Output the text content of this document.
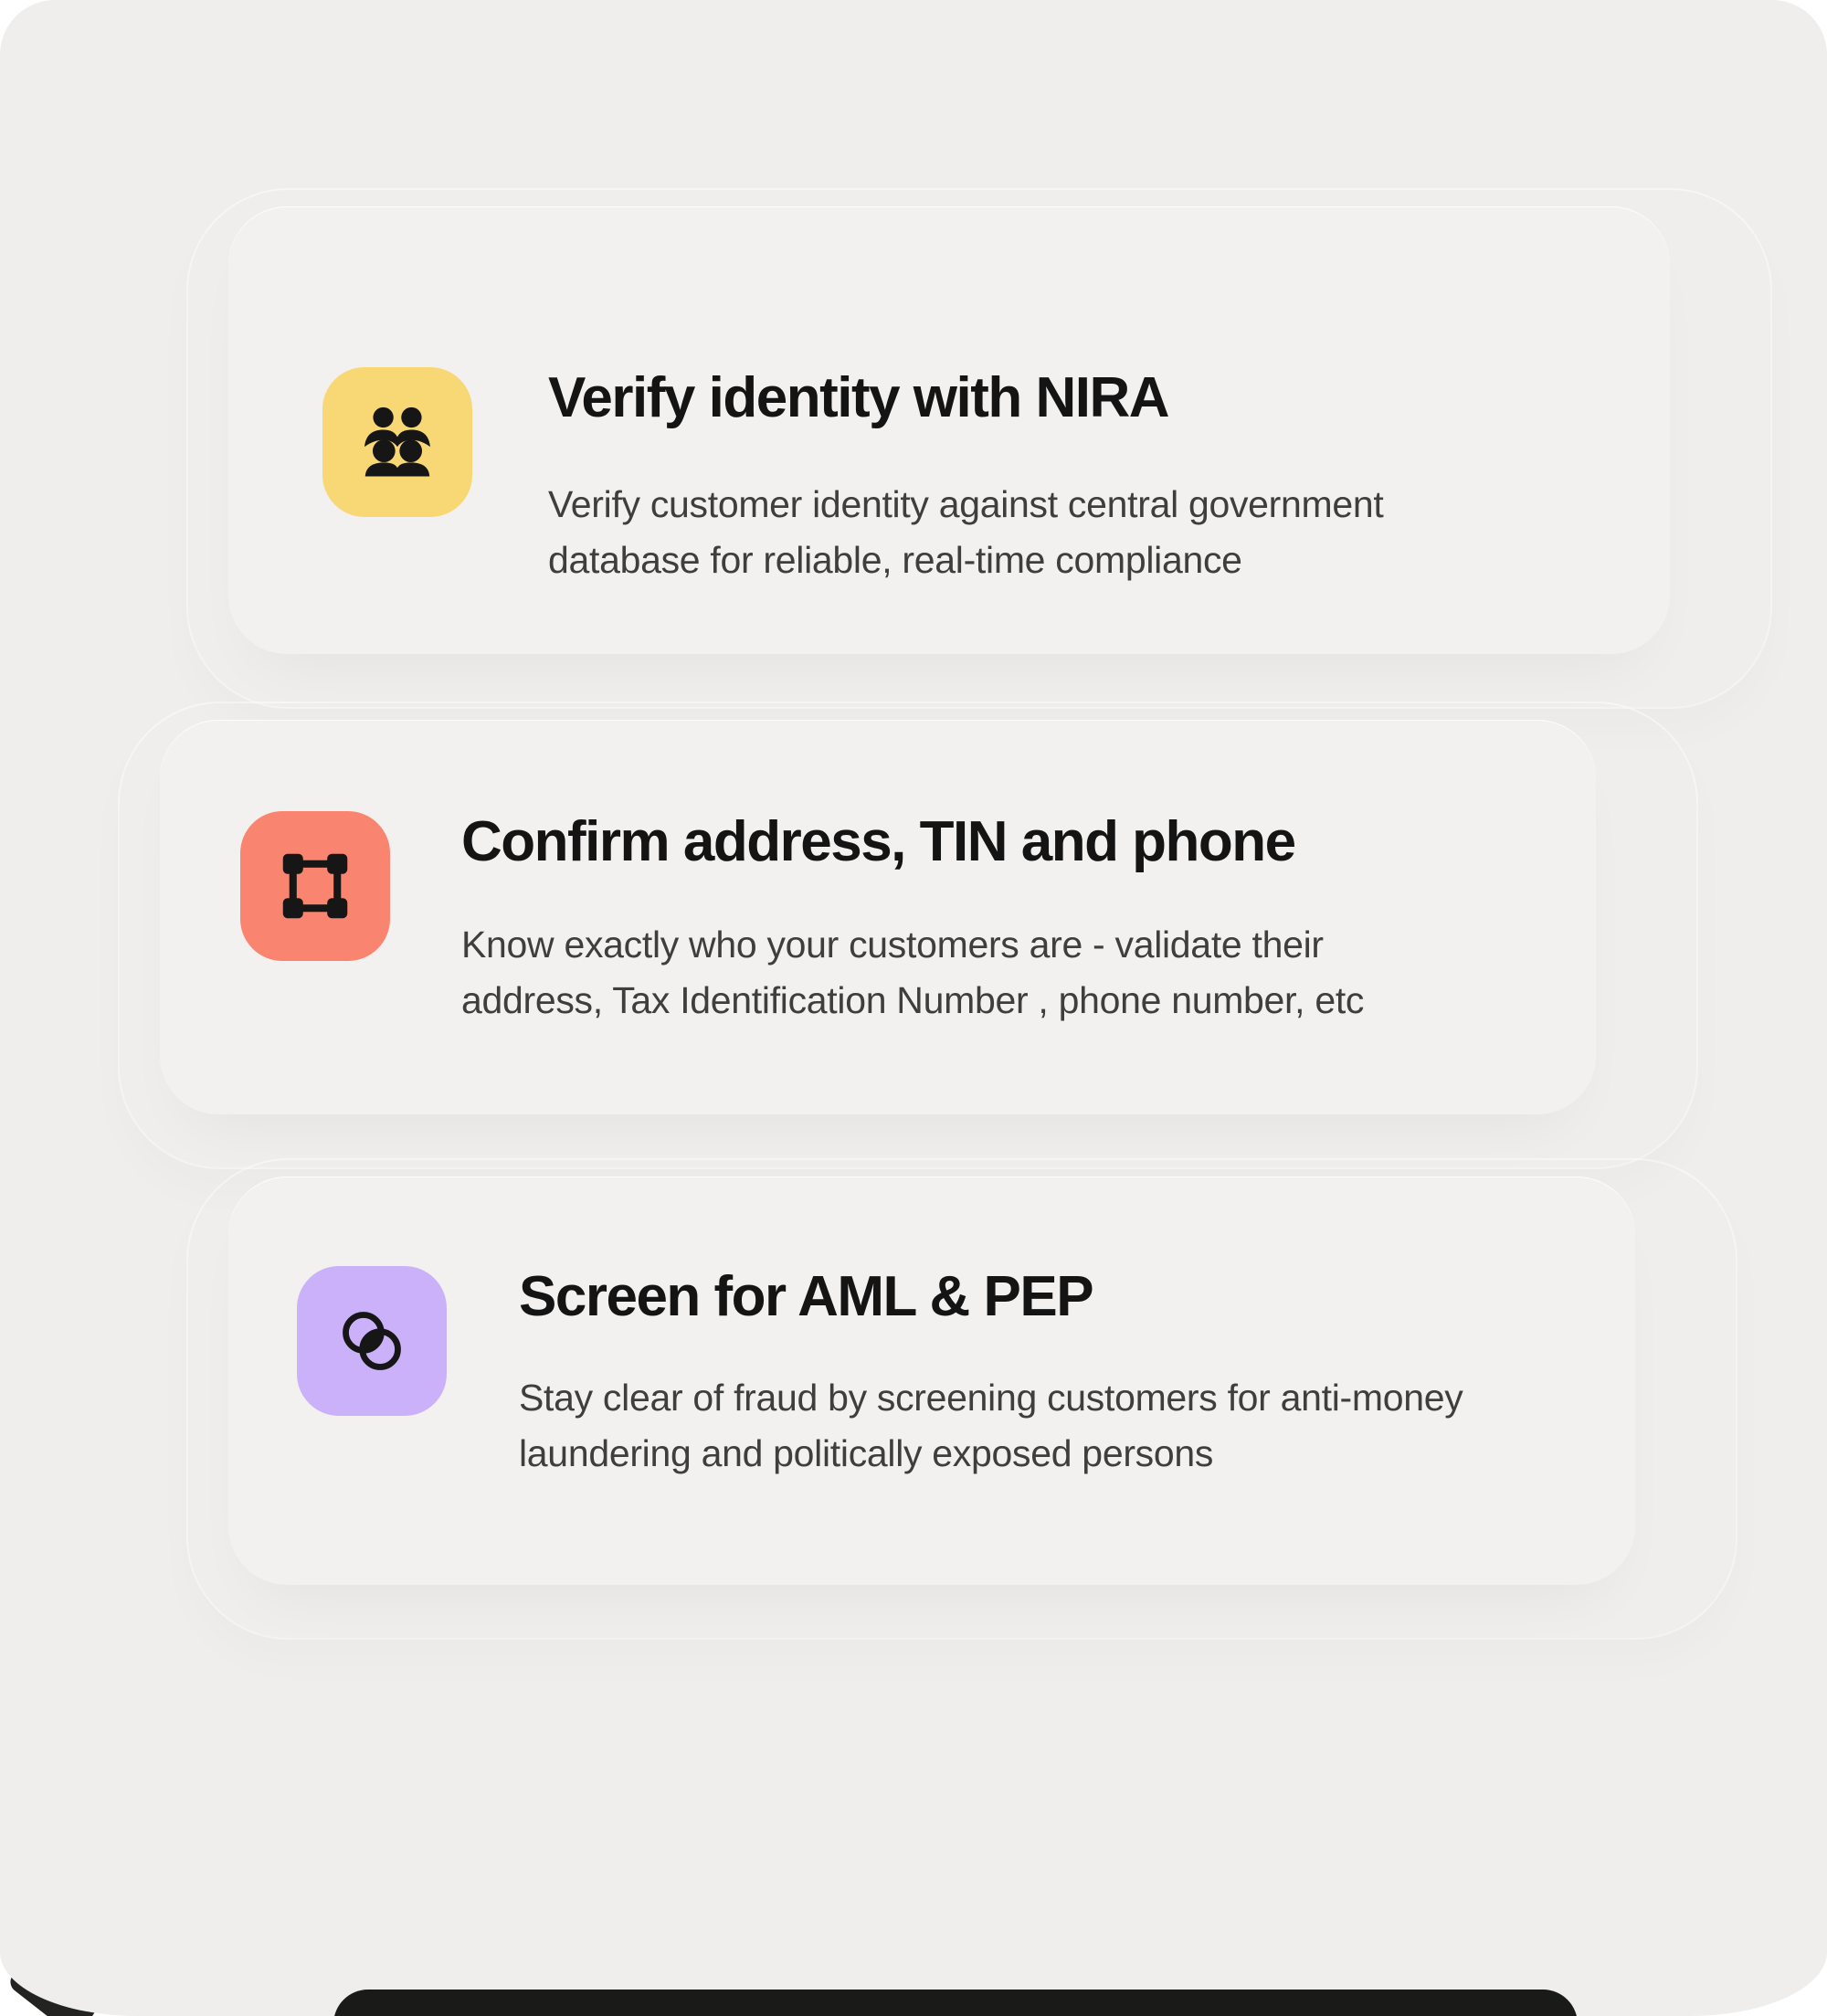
Verify identity with NIRA

Verify customer identity against central government
database for reliable, real-time compliance

Confirm address, TIN and phone

Know exactly who your customers are - validate their
address, Tax Identification Number , phone number, etc

Screen for AML & PEP

Stay clear of fraud by screening customers for anti-money
laundering and politically exposed persons
